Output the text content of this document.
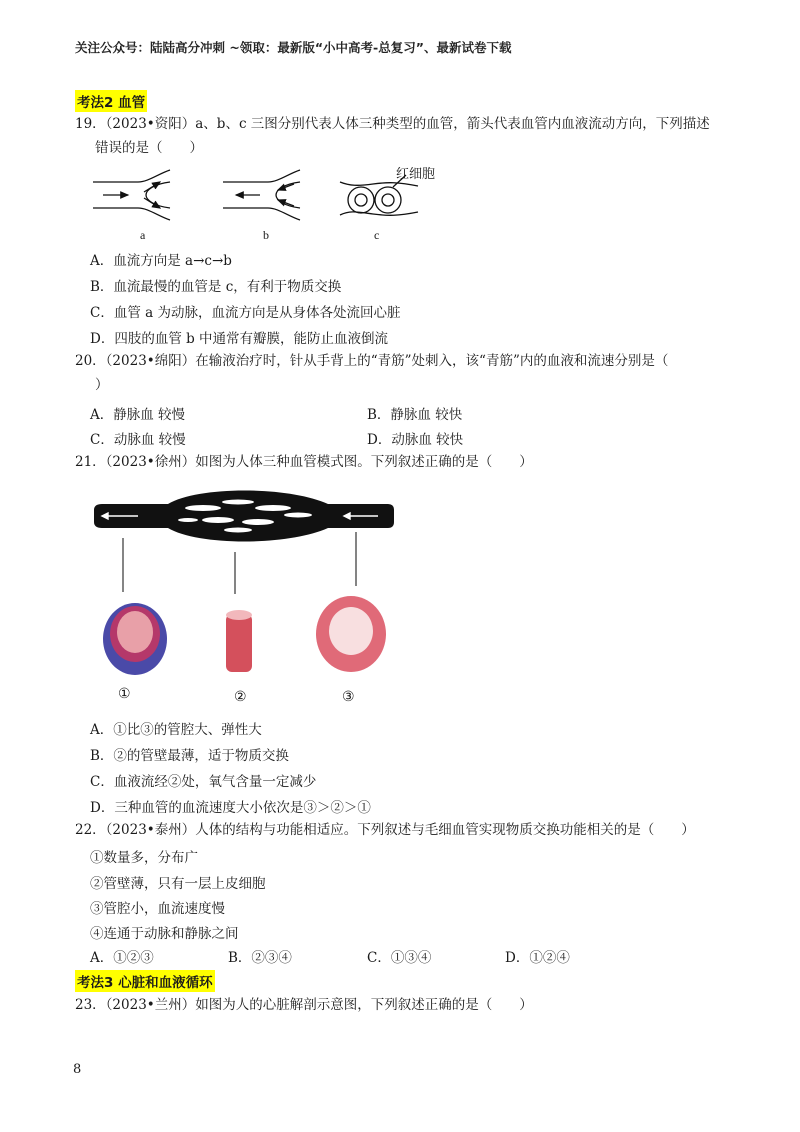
关注公众号：陆陆高分冲刺 ~领取：最新版“小中高考-总复习”、最新试卷下载
考法2 血管
19．（2023•资阳）a、b、c 三图分别代表人体三种类型的血管，箭头代表血管内血液流动方向，下列描述
错误的是（　　）
红细胞
a	b	c
A．血流方向是 a→c→b
B．血流最慢的血管是 c，有利于物质交换
C．血管 a 为动脉，血流方向是从身体各处流回心脏
D．四肢的血管 b 中通常有瓣膜，能防止血液倒流
20．（2023•绵阳）在输液治疗时，针从手背上的“青筋”处刺入，该“青筋”内的血液和流速分别是（
）
A．静脉血 较慢	B．静脉血 较快
C．动脉血 较慢	D．动脉血 较快
21．（2023•徐州）如图为人体三种血管模式图。下列叙述正确的是（　　）
①	②	③
A．①比③的管腔大、弹性大
B．②的管壁最薄，适于物质交换
C．血液流经②处，氧气含量一定减少
D．三种血管的血流速度大小依次是③＞②＞①
22．（2023•泰州）人体的结构与功能相适应。下列叙述与毛细血管实现物质交换功能相关的是（　　）
①数量多，分布广
②管壁薄，只有一层上皮细胞
③管腔小，血流速度慢
④连通于动脉和静脉之间
A．①②③	B．②③④	C．①③④	D．①②④
考法3 心脏和血液循环
23．（2023•兰州）如图为人的心脏解剖示意图，下列叙述正确的是（　　）
8
